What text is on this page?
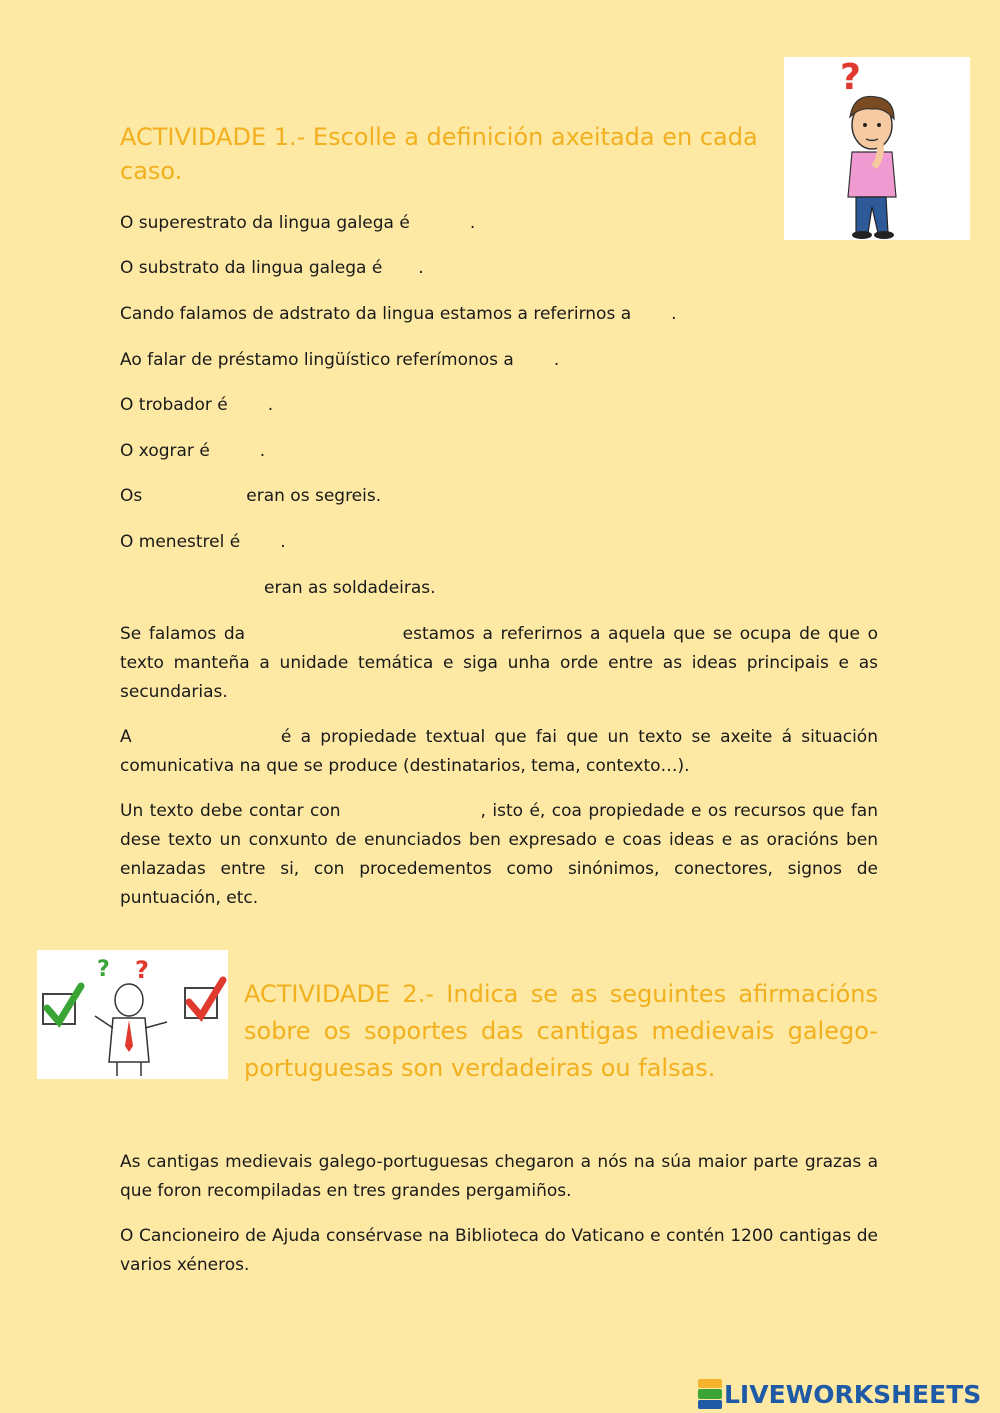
?
ACTIVIDADE 1.- Escolle a definición axeitada en cada caso.
O superestrato da lingua galega é	.
O substrato da lingua galega é .
Cando falamos de adstrato da lingua estamos a referirnos a .
Ao falar de préstamo lingüístico referímonos a .
O trobador é .
O xograr é	.
Os	eran os segreis.
O menestrel é .
eran as soldadeiras.
Se falamos da	estamos a referirnos a aquela que se ocupa de que o texto manteña a unidade temática e siga unha orde entre as ideas principais e as secundarias.
A	é a propiedade textual que fai que un texto se axeite á situación comunicativa na que se produce (destinatarios, tema, contexto…).
Un texto debe contar con	, isto é, coa propiedade e os recursos que fan dese texto un conxunto de enunciados ben expresado e coas ideas e as oracións ben enlazadas entre si, con procedementos como sinónimos, conectores, signos de puntuación, etc.
? ?
ACTIVIDADE 2.- Indica se as seguintes afirmacións sobre os soportes das cantigas medievais galego-portuguesas son verdadeiras ou falsas.
As cantigas medievais galego-portuguesas chegaron a nós na súa maior parte grazas a que foron recompiladas en tres grandes pergamiños.
O Cancioneiro de Ajuda consérvase na Biblioteca do Vaticano e contén 1200 cantigas de varios xéneros.
LIVEWORKSHEETS
